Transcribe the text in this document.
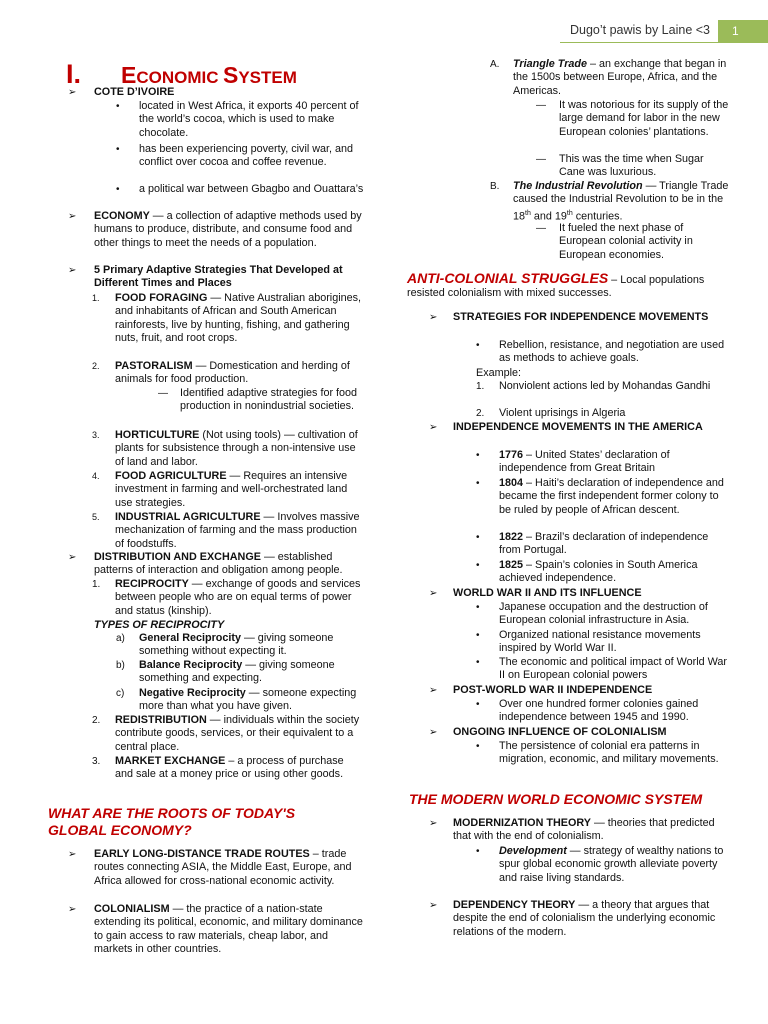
Dugo’t pawis by Laine <3	1
I. ECONOMIC SYSTEM
➢	COTE D’IVOIRE
•	located in West Africa, it exports 40 percent of the world’s cocoa, which is used to make chocolate.
•	has been experiencing poverty, civil war, and conflict over cocoa and coffee revenue.
•	a political war between Gbagbo and Ouattara’s
➢	ECONOMY — a collection of adaptive methods used by humans to produce, distribute, and consume food and other things to meet the needs of a population.
➢	5 Primary Adaptive Strategies That Developed at Different Times and Places
1.	FOOD FORAGING — Native Australian aborigines, and inhabitants of African and South American rainforests, live by hunting, fishing, and gathering nuts, fruit, and root crops.
2.	PASTORALISM — Domestication and herding of animals for food production.
—	Identified adaptive strategies for food production in nonindustrial societies.
3.	HORTICULTURE (Not using tools) — cultivation of plants for subsistence through a non-intensive use of land and labor.
4.	FOOD AGRICULTURE — Requires an intensive investment in farming and well-orchestrated land use strategies.
5.	INDUSTRIAL AGRICULTURE — Involves massive mechanization of farming and the mass production of foodstuffs.
➢	DISTRIBUTION AND EXCHANGE — established patterns of interaction and obligation among people.
1.	RECIPROCITY — exchange of goods and services between people who are on equal terms of power and status (kinship).
TYPES OF RECIPROCITY
a)	General Reciprocity — giving someone something without expecting it.
b)	Balance Reciprocity — giving someone something and expecting.
c)	Negative Reciprocity — someone expecting more than what you have given.
2.	REDISTRIBUTION — individuals within the society contribute goods, services, or their equivalent to a central place.
3.	MARKET EXCHANGE – a process of purchase and sale at a money price or using other goods.
WHAT ARE THE ROOTS OF TODAY'S GLOBAL ECONOMY?
➢	EARLY LONG-DISTANCE TRADE ROUTES – trade routes connecting ASIA, the Middle East, Europe, and Africa allowed for cross-national economic activity.
➢	COLONIALISM — the practice of a nation-state extending its political, economic, and military dominance to gain access to raw materials, cheap labor, and markets in other countries.
A.	Triangle Trade – an exchange that began in the 1500s between Europe, Africa, and the Americas.
—	It was notorious for its supply of the large demand for labor in the new European colonies’ plantations.
—	This was the time when Sugar Cane was luxurious.
B.	The Industrial Revolution — Triangle Trade caused the Industrial Revolution to be in the 18th and 19th centuries.
—	It fueled the next phase of European colonial activity in European economies.
ANTI-COLONIAL STRUGGLES – Local populations resisted colonialism with mixed successes.
➢	STRATEGIES FOR INDEPENDENCE MOVEMENTS
•	Rebellion, resistance, and negotiation are used as methods to achieve goals.
Example:
1.	Nonviolent actions led by Mohandas Gandhi
2.	Violent uprisings in Algeria
➢	INDEPENDENCE MOVEMENTS IN THE AMERICA
•	1776 – United States’ declaration of independence from Great Britain
•	1804 – Haiti’s declaration of independence and became the first independent former colony to be ruled by people of African descent.
•	1822 – Brazil’s declaration of independence from Portugal.
•	1825 – Spain’s colonies in South America achieved independence.
➢	WORLD WAR II AND ITS INFLUENCE
•	Japanese occupation and the destruction of European colonial infrastructure in Asia.
•	Organized national resistance movements inspired by World War II.
•	The economic and political impact of World War II on European colonial powers
➢	POST-WORLD WAR II INDEPENDENCE
•	Over one hundred former colonies gained independence between 1945 and 1990.
➢	ONGOING INFLUENCE OF COLONIALISM
•	The persistence of colonial era patterns in migration, economic, and military movements.
THE MODERN WORLD ECONOMIC SYSTEM
➢	MODERNIZATION THEORY — theories that predicted that with the end of colonialism.
•	Development — strategy of wealthy nations to spur global economic growth alleviate poverty and raise living standards.
➢	DEPENDENCY THEORY — a theory that argues that despite the end of colonialism the underlying economic relations of the modern.
